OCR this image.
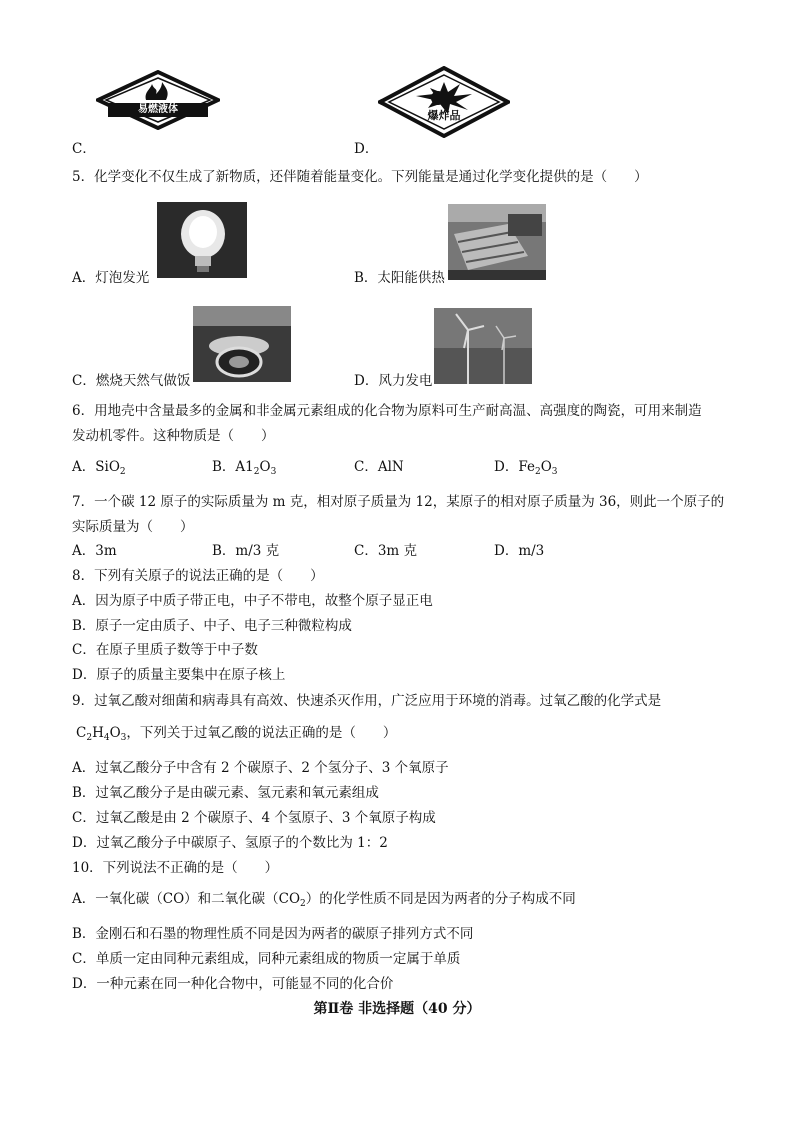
易燃液体
C．
爆炸品
D．
5．化学变化不仅生成了新物质，还伴随着能量变化。下列能量是通过化学变化提供的是（　　）
A．灯泡发光	B．太阳能供热
C．燃烧天然气做饭	D．风力发电
6．用地壳中含量最多的金属和非金属元素组成的化合物为原料可生产耐高温、高强度的陶瓷，可用来制造
发动机零件。这种物质是（　　）
A．SiO$_2$	B．$A1_2O_3$	C．AlN	D．$Fe_2O_3$
7．一个碳 12 原子的实际质量为 m 克，相对原子质量为 12，某原子的相对原子质量为 36，则此一个原子的
实际质量为（　　）
A．3m	B．m/3 克	C．3m 克	D．m/3
8．下列有关原子的说法正确的是（　　）
A．因为原子中质子带正电，中子不带电，故整个原子显正电
B．原子一定由质子、中子、电子三种微粒构成
C．在原子里质子数等于中子数
D．原子的质量主要集中在原子核上
9．过氧乙酸对细菌和病毒具有高效、快速杀灭作用，广泛应用于环境的消毒。过氧乙酸的化学式是
$C_2H_4O_3$，下列关于过氧乙酸的说法正确的是（　　）
A．过氧乙酸分子中含有 2 个碳原子、2 个氢分子、3 个氧原子
B．过氧乙酸分子是由碳元素、氢元素和氧元素组成
C．过氧乙酸是由 2 个碳原子、4 个氢原子、3 个氧原子构成
D．过氧乙酸分子中碳原子、氢原子的个数比为 1：2
10．下列说法不正确的是（　　）
A．一氧化碳（CO）和二氧化碳$(CO_2)$的化学性质不同是因为两者的分子构成不同
B．金刚石和石墨的物理性质不同是因为两者的碳原子排列方式不同
C．单质一定由同种元素组成，同种元素组成的物质一定属于单质
D．一种元素在同一种化合物中，可能显不同的化合价
第Ⅱ卷 非选择题（40 分）
